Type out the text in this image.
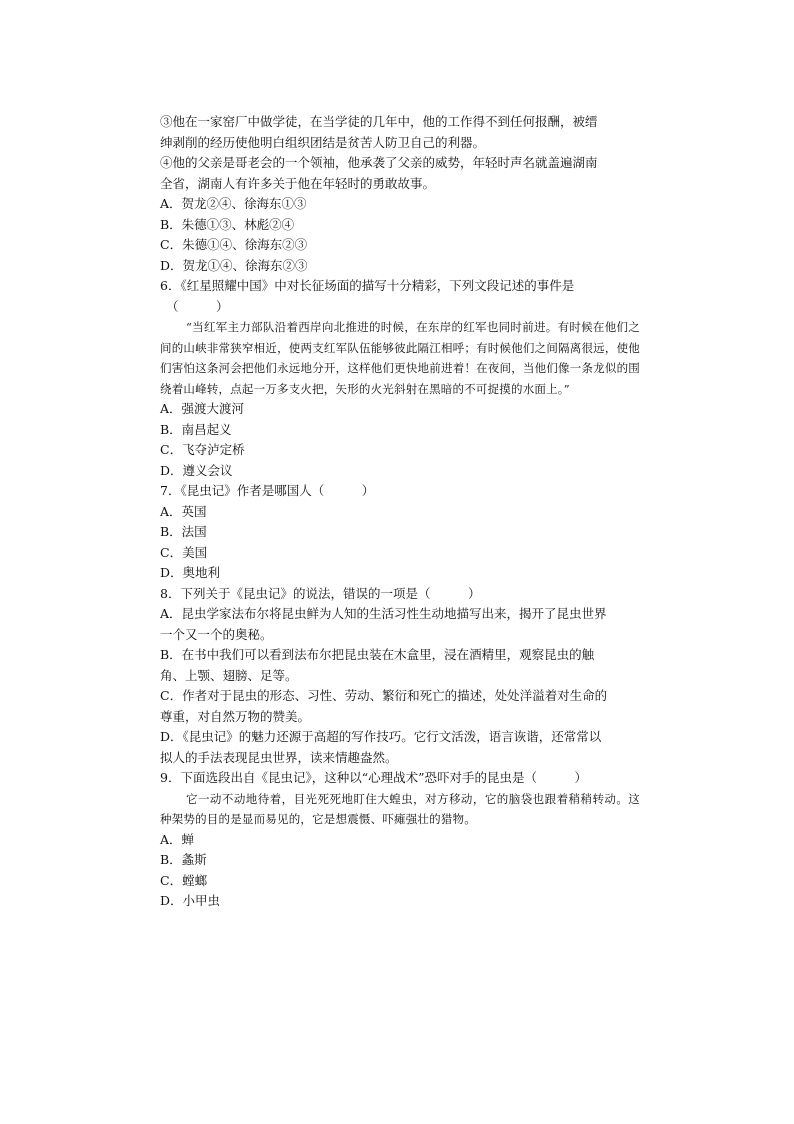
③他在一家窑厂中做学徒，在当学徒的几年中，他的工作得不到任何报酬，被缙
绅剥削的经历使他明白组织团结是贫苦人防卫自己的利器。
④他的父亲是哥老会的一个领袖，他承袭了父亲的威势，年轻时声名就盖遍湖南
全省，湖南人有许多关于他在年轻时的勇敢故事。
A．贺龙②④、徐海东①③
B．朱德①③、林彪②④
C．朱德①④、徐海东②③
D．贺龙①④、徐海东②③
6．《红星照耀中国》中对长征场面的描写十分精彩，下列文段记述的事件是
（　　　）
“当红军主力部队沿着西岸向北推进的时候，在东岸的红军也同时前进。有时候在他们之间的山峡非常狭窄相近，使两支红军队伍能够彼此隔江相呼；有时候他们之间隔离很远，使他们害怕这条河会把他们永远地分开，这样他们更快地前进着！在夜间，当他们像一条龙似的围绕着山峰转，点起一万多支火把，矢形的火光斜射在黑暗的不可捉摸的水面上。”
A．强渡大渡河
B．南昌起义
C．飞夺泸定桥
D．遵义会议
7．《昆虫记》作者是哪国人（　　　）
A．英国
B．法国
C．美国
D．奥地利
8．下列关于《昆虫记》的说法，错误的一项是（　　　）
A．昆虫学家法布尔将昆虫鲜为人知的生活习性生动地描写出来，揭开了昆虫世界
一个又一个的奥秘。
B．在书中我们可以看到法布尔把昆虫装在木盒里，浸在酒精里，观察昆虫的触
角、上颚、翅膀、足等。
C．作者对于昆虫的形态、习性、劳动、繁衍和死亡的描述，处处洋溢着对生命的
尊重，对自然万物的赞美。
D．《昆虫记》的魅力还源于高超的写作技巧。它行文活泼，语言诙谐，还常常以
拟人的手法表现昆虫世界，读来情趣盎然。
9．下面选段出自《昆虫记》，这种以“心理战术”恐吓对手的昆虫是（　　　）
它一动不动地待着，目光死死地盯住大蝗虫，对方移动，它的脑袋也跟着稍稍转动。这种架势的目的是显而易见的，它是想震慑、吓瘫强壮的猎物。
A．蝉
B．螽斯
C．螳螂
D．小甲虫
